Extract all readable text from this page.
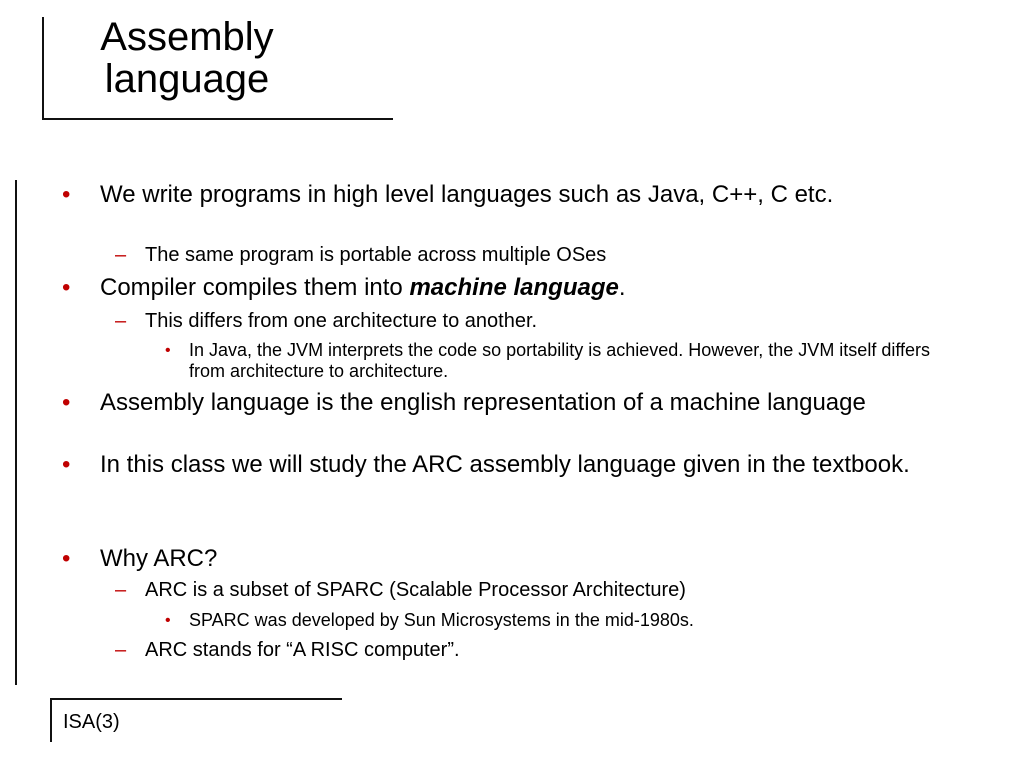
Assembly
language

• We write programs in high level languages such as Java, C++, C etc.

– The same program is portable across multiple OSes

• Compiler compiles them into machine language.

– This differs from one architecture to another.

• In Java, the JVM interprets the code so portability is achieved. However, the JVM itself differs from architecture to architecture.

• Assembly language is the english representation of a machine language

• In this class we will study the ARC assembly language given in the textbook.

• Why ARC?

– ARC is a subset of SPARC (Scalable Processor Architecture)

• SPARC was developed by Sun Microsystems in the mid-1980s.

– ARC stands for “A RISC computer”.

ISA(3)
